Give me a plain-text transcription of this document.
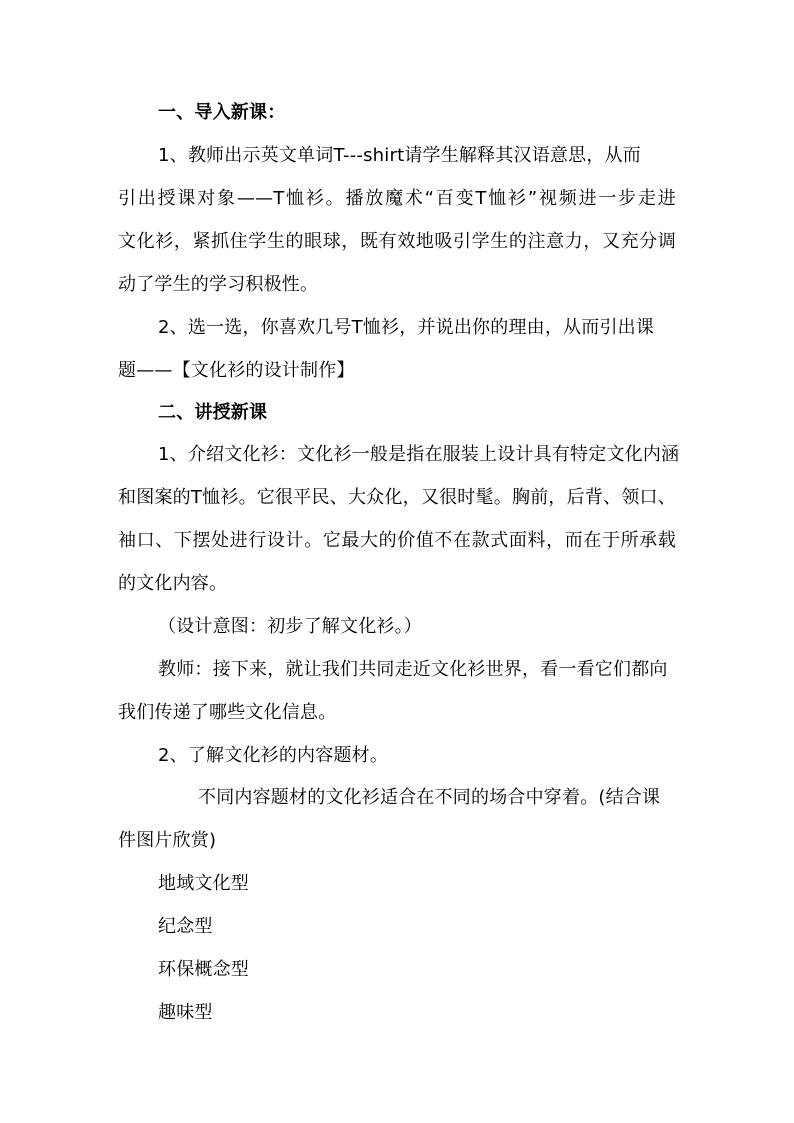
一、导入新课：

1、教师出示英文单词T---shirt请学生解释其汉语意思，从而

引出授课对象——T恤衫。播放魔术“百变T恤衫”视频进一步走进

文化衫，紧抓住学生的眼球，既有效地吸引学生的注意力，又充分调

动了学生的学习积极性。

2、选一选，你喜欢几号T恤衫，并说出你的理由，从而引出课

题——【文化衫的设计制作】

二、讲授新课

1、介绍文化衫：文化衫一般是指在服装上设计具有特定文化内涵

和图案的T恤衫。它很平民、大众化，又很时髦。胸前，后背、领口、

袖口、下摆处进行设计。它最大的价值不在款式面料，而在于所承载

的文化内容。

（设计意图：初步了解文化衫。）

教师：接下来，就让我们共同走近文化衫世界，看一看它们都向

我们传递了哪些文化信息。

2、了解文化衫的内容题材。

不同内容题材的文化衫适合在不同的场合中穿着。(结合课

件图片欣赏)

地域文化型

纪念型

环保概念型

趣味型
